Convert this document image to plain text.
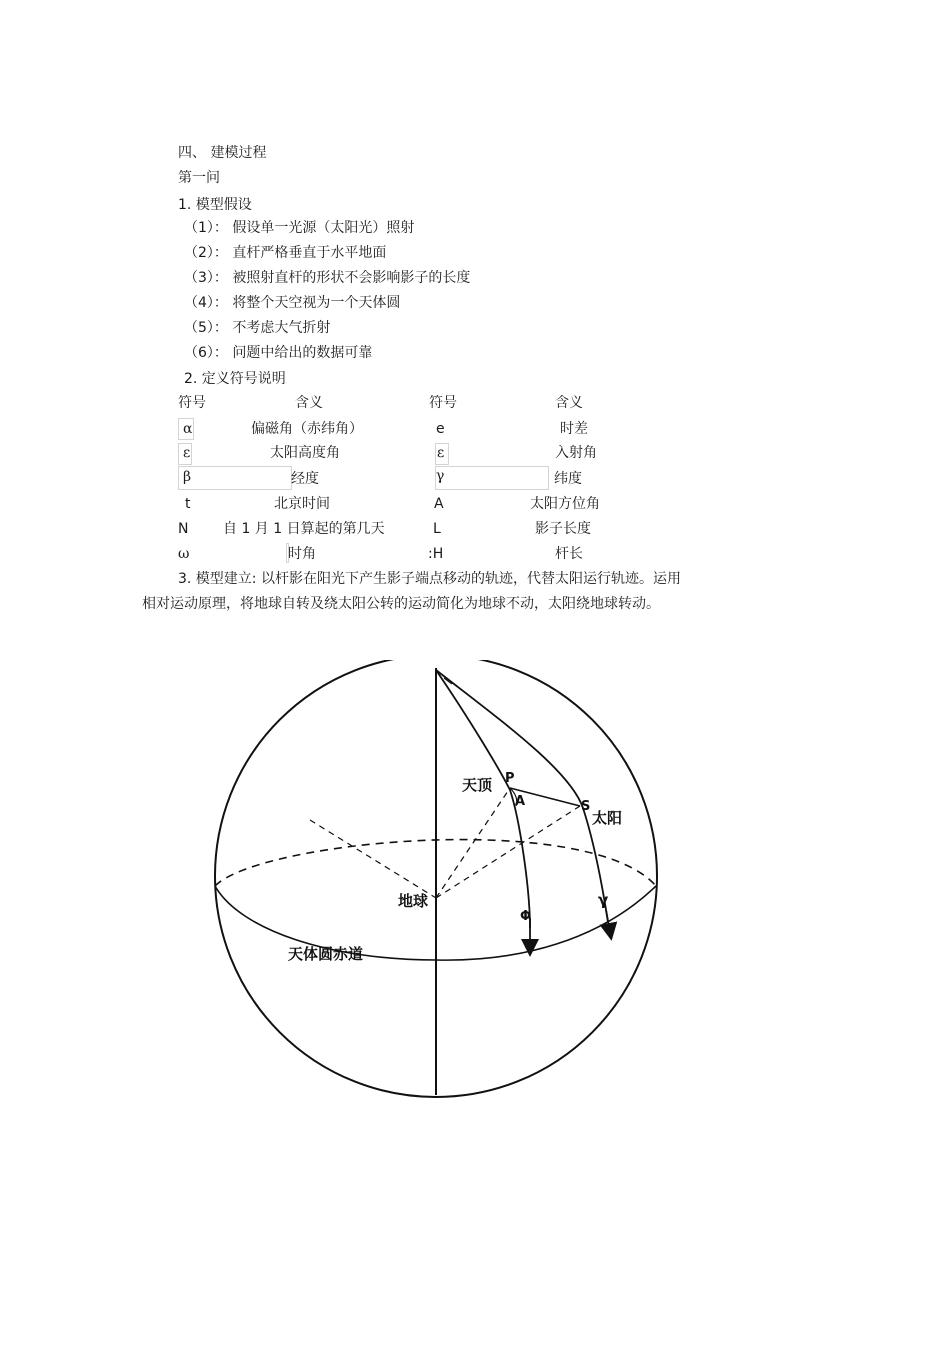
四、 建模过程
第一问
1. 模型假设
（1）： 假设单一光源（太阳光）照射
（2）： 直杆严格垂直于水平地面
（3）： 被照射直杆的形状不会影响影子的长度
（4）： 将整个天空视为一个天体圆
（5）： 不考虑大气折射
（6）： 问题中给出的数据可靠
2. 定义符号说明
符号	含义	符号	含义
α	偏磁角（赤纬角）	e	时差
ε	太阳高度角	ε	入射角
β	经度	γ	纬度
t	北京时间	A	太阳方位角
N 自 1 月 1 日算起的第几天	L	影子长度
ω	时角	:H	杆长
3. 模型建立: 以杆影在阳光下产生影子端点移动的轨迹，代替太阳运行轨迹。运用
相对运动原理，将地球自转及绕太阳公转的运动简化为地球不动，太阳绕地球转动。
天顶 P
A	S
太阳
地球
Φ
γ
天体圆赤道
